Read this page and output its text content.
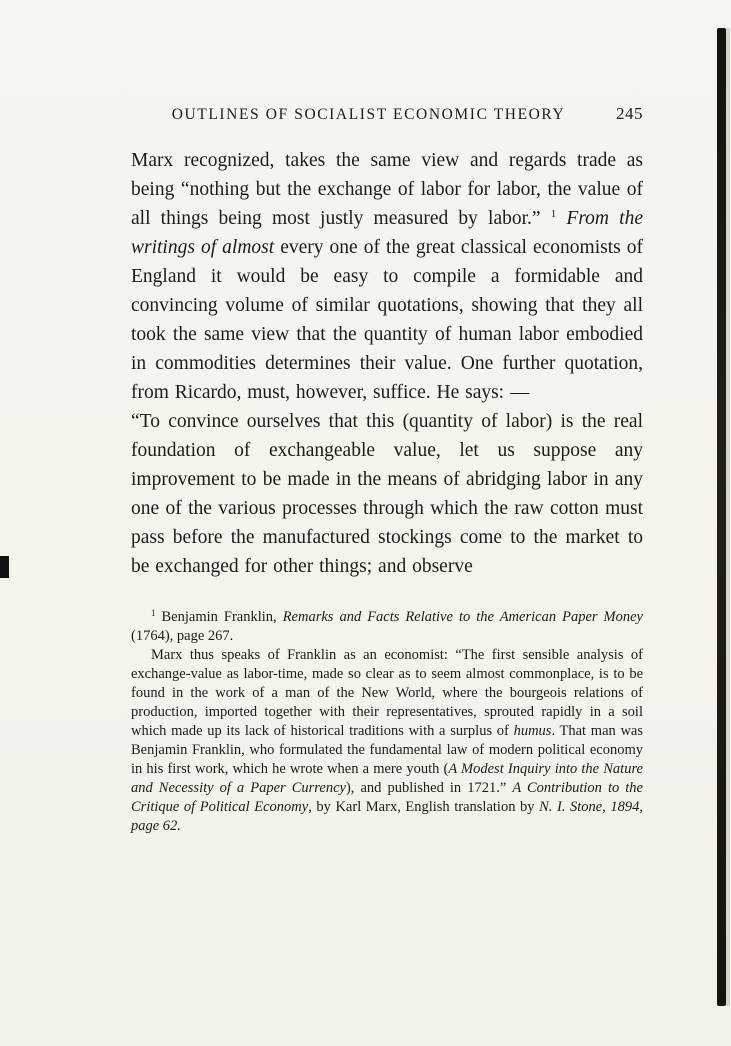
OUTLINES OF SOCIALIST ECONOMIC THEORY	245

Marx recognized, takes the same view and regards trade as being “nothing but the exchange of labor for labor, the value of all things being most justly measured by labor.” $^1$ From the writings of almost every one of the great classical economists of England it would be easy to compile a formidable and convincing volume of similar quotations, showing that they all took the same view that the quantity of human labor embodied in commodities determines their value. One further quotation, from Ricardo, must, however, suffice. He says: —

“To convince ourselves that this (quantity of labor) is the real foundation of exchangeable value, let us suppose any improvement to be made in the means of abridging labor in any one of the various processes through which the raw cotton must pass before the manufactured stockings come to the market to be exchanged for other things; and observe

$^1$ Benjamin Franklin, Remarks and Facts Relative to the American Paper Money (1764), page 267.

Marx thus speaks of Franklin as an economist: “The first sensible analysis of exchange-value as labor-time, made so clear as to seem almost commonplace, is to be found in the work of a man of the New World, where the bourgeois relations of production, imported together with their representatives, sprouted rapidly in a soil which made up its lack of historical traditions with a surplus of humus. That man was Benjamin Franklin, who formulated the fundamental law of modern political economy in his first work, which he wrote when a mere youth (A Modest Inquiry into the Nature and Necessity of a Paper Currency), and published in 1721.” A Contribution to the Critique of Political Economy, by Karl Marx, English translation by N. I. Stone, 1894, page 62.
